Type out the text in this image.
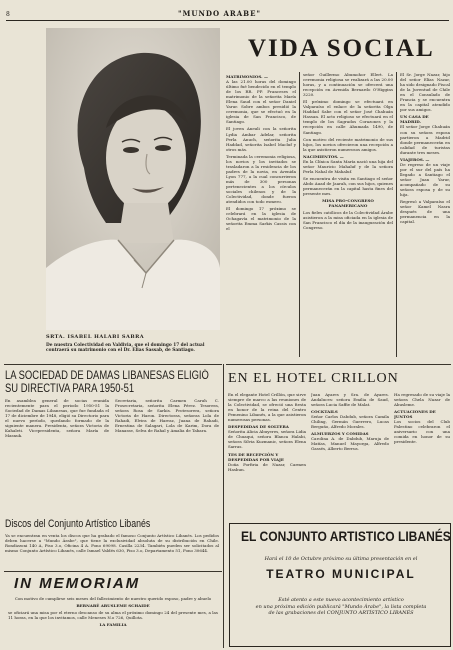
8	"MUNDO ARABE"
SRTA. ISABEL HALABI SABRA
De nuestra Colectividad en Valdivia, que el domingo 17 del actual contraerá su matrimonio con el Dr. Elias Sassab, de Santiago.
VIDA SOCIAL
MATRIMONIOS. —

A las 21.00 horas del domingo último fué bendecido en el templo de los RR. PP. Franceses el matrimonio de la señorita María Elena Saud con el señor Daniel Yarur. Sobre ambos presidió la ceremonia, que se efectuó en la iglesia de San Francisco, de Santiago.

El joven Aneuli con la señorita Lydia Ambar Adelar, señorita Perla Anuch, señorita Julia Haddad, señorita Isabel Macluf y otros más.

Terminada la ceremonia religiosa, los novios y los invitados se trasladaron a la residencia de los padres de la novia, en Avenida Lyon 777, a la cual concurrieron más de 300 personas pertenecientes a los círculos sociales chilenos y de la Colectividad, donde fueron atendidos con todo esmero.

El domingo 17 próximo se celebrará en la iglesia de Ochagavía el matrimonio de la señorita Emma Sarkis Cassis con el

señor Guillermo Abumohor Ellert. La ceremonia religiosa se realizará a las 20.00 horas, y a continuación se ofrecerá una recepción en Avenida Bernardo O'Higgins 3220.

El próximo domingo se efectuará en Valparaíso el enlace de la señorita Olga Haddad Sabe con el señor José Chahuán Hassan. El acto religioso se efectuará en el templo de los Sagrados Corazones y la recepción en calle Ahumada 1490, de Santiago.

Con motivo del reciente matrimonio de sus hijos, los novios ofrecieron una recepción a la que asistieron numerosos amigos.

NACIMIENTOS. —

En la Clínica Santa María nació una hija del señor Mauricio Mahaluf y de la señora Perla Nahal de Mahaluf.

Se encuentra de visita en Santiago el señor Abdo Auad de Jaarah, con sus hijos, quienes permanecerán en la capital hasta fines del presente mes.

MISA PRO-CONGRESO PANAMERICANO

Los fieles católicos de la Colectividad Árabe asistieron a la misa oficiada en la iglesia de San Francisco el día de la inauguración del Congreso.

El Sr. Jorge Nazar, hijo del señor Elías Nazar, ha sido designado Fiscal de la Juventud de Chile en el Consulado de Francia y se encuentra en la capital atendido por sus amigos.

UN CASA DE MADRID.

El señor Jorge Chahuán con su señora esposa partieron a Madrid donde permanecerán en calidad de turistas durante tres meses.

VIAJEROS. —

De regreso de un viaje por el sur del país ha llegado a Santiago el señor Juan Yarur, acompañado de su señora esposa y de su hija.

Regresó a Valparaíso el señor Kamel Nasra después de una permanencia en la capital.

LA SOCIEDAD DE DAMAS LIBANESAS ELIGIÓ SU DIRECTIVA PARA 1950-51

En asamblea general de socias reunida recientemente para el periodo 1950-51 la Sociedad de Damas Libanesas, que fue fundada el 17 de diciembre de 1948, eligió su Directorio para el nuevo período, quedando formado de la siguiente manera. Presidenta, señora Victoria de Kahaleti. Vicepresidenta, señora María de Masnuk.

Secretaria, señorita Carmen Caruh C. Prosecretaria, señorita Elena Pérez. Tesorera, señora Rosa de Sarkis. Protesorera, señora Victoria de Haron. Directoras, señoras Lola de Rahadi, Elvira de Harraz, Juana de Rahadi, Ernestina de Salagari, Lola de Karim, Dora de Manasse, Selva de Rahal y Amalia de Tabara.

Discos del Conjunto Artístico Libanés

Ya se encuentran en venta los discos que ha grabado el famoso Conjunto Artístico Libanés. Los pedidos deben hacerse a "Mundo Árabe", que tiene la exclusividad absoluta de su distribución en Chile. Rondizzoni 140 A, Piso 3.o, Oficina 4 A. Fono 69098. Casilla 2234. También pueden ser solicitados al mismo Conjunto Artístico Libanés, calle Ismael Valdés 630, Piso 3.o, Departamento 51, Fono 30644.

IN MEMORIAM

Con motivo de cumplirse seis meses del fallecimiento de nuestro querido esposo, padre y abuelo

BERNABÉ ABUSLEME SCHAIDE

se oficiará una misa por el eterno descanso de su alma el próximo domingo 24 del presente mes, a las 11 horas, en la que los invitamos, calle Meneses N.o 726, Quillota.

LA FAMILIA
EN EL HOTEL CRILLON

En el elegante Hotel Crillón, que sirve siempre de marco a las reuniones de la Colectividad, se ofreció una fiesta en honor de la reina del Centro Femenino Libanés, a la que asistieron numerosas personas.

DESPEDIDAS DE SOLTERA

Señorita Alicia Abuyeres, señora Lidia de Chuaqui, señora Blanca Halabi, señora Silvia Kuzmanic, señora Elena Sarras.

TES DE RECEPCIÓN Y DESPEDIDAS POR VIAJE

Doña Porfiria de Nazar, Carmen Hasbun.

Juan Ayares y Sra. de Ayares. Andaluces: señora Emilia de Saud, señora Lucia Saffie de Malat.

COCKTAILS

Señor Carlos Dabdub, señora Camila Chiling, Germán Guerrero, Lucas Berguño, Alfredo Morales.

ALMUERZOS Y COMIDAS

Carolina A. de Dabdub, Maruja de Matías, Manuel Mayorga, Alfredo Gassés, Alberto Berrus.

Ha regresado de su viaje la señora Chela Nazar de Abusleme.

ACTUACIONES DE JUNTOS

Los socios del Club Palestino celebraron el aniversario con una comida en honor de su presidente.

EL CONJUNTO ARTISTICO LIBANÉS
Hará el 10 de Octubre próximo su última presentación en el
TEATRO MUNICIPAL
Esté atento a este nuevo acontecimiento artístico
en una próxima edición publicará "Mundo Árabe", la lista completa
de las grabaciones del CONJUNTO ARTÍSTICO LIBANÉS
